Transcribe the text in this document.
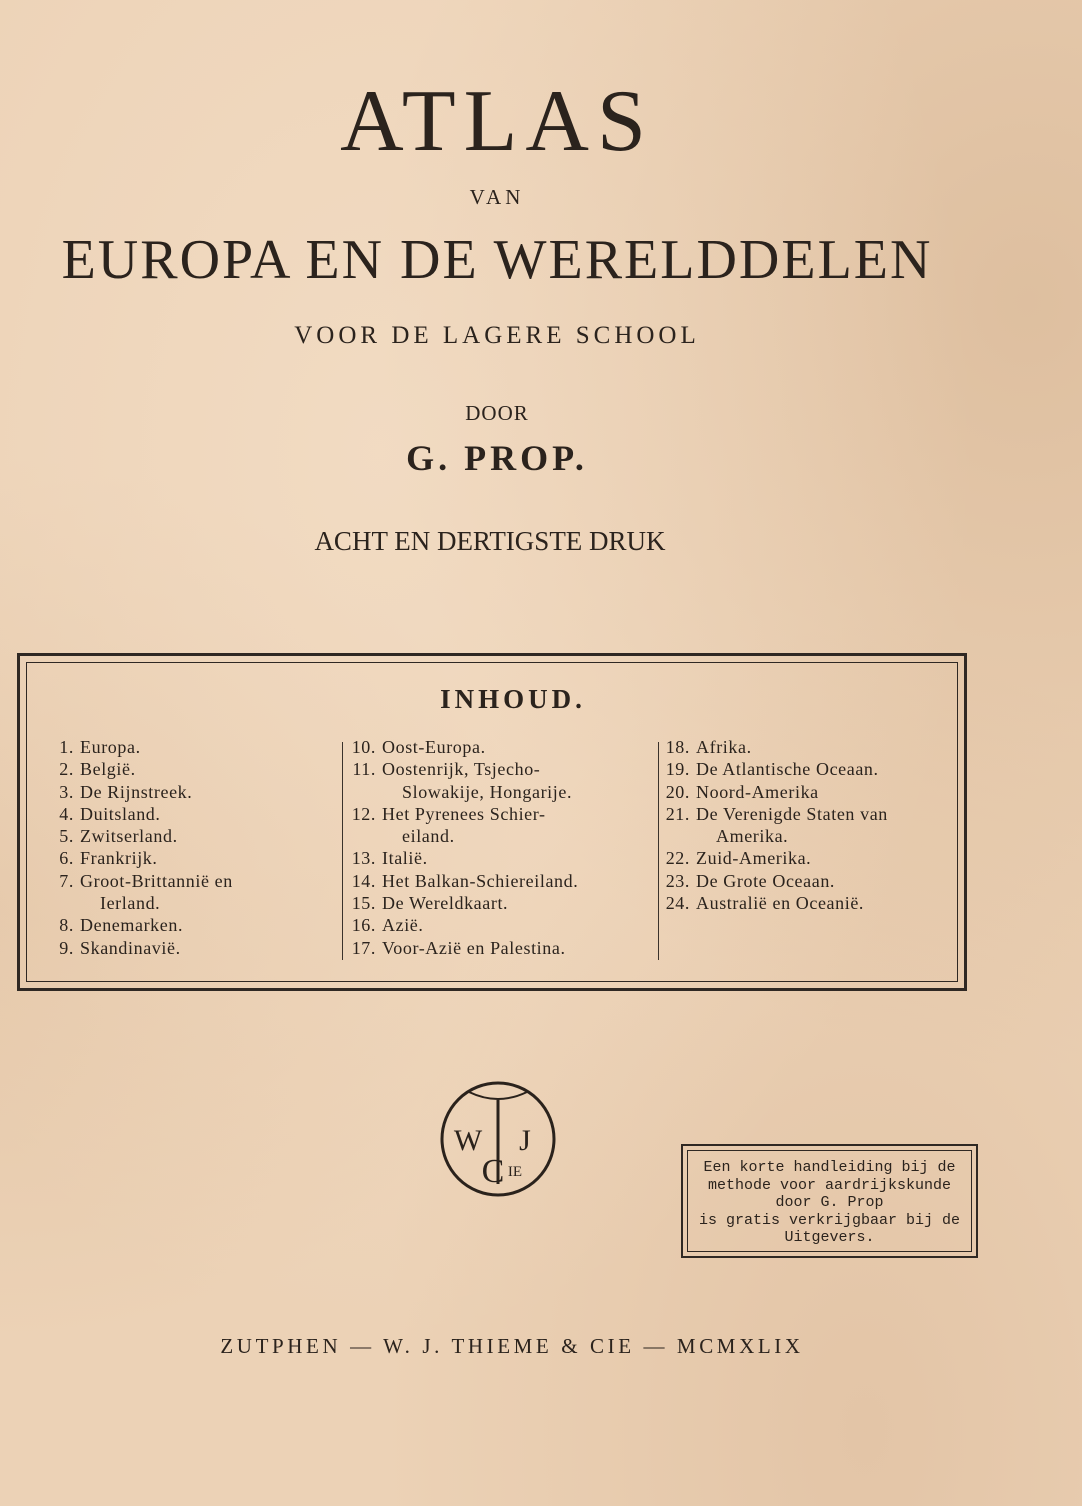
ATLAS
VAN
EUROPA EN DE WERELDDELEN
VOOR DE LAGERE SCHOOL
DOOR
G. PROP.
ACHT EN DERTIGSTE DRUK
INHOUD.
1. Europa.
2. België.
3. De Rijnstreek.
4. Duitsland.
5. Zwitserland.
6. Frankrijk.
7. Groot-Brittannië en
Ierland.
8. Denemarken.
9. Skandinavië.
10. Oost-Europa.
11. Oostenrijk, Tsjecho-
Slowakije, Hongarije.
12. Het Pyrenees Schier-
eiland.
13. Italië.
14. Het Balkan-Schiereiland.
15. De Wereldkaart.
16. Azië.
17. Voor-Azië en Palestina.
18. Afrika.
19. De Atlantische Oceaan.
20. Noord-Amerika
21. De Verenigde Staten van
Amerika.
22. Zuid-Amerika.
23. De Grote Oceaan.
24. Australië en Oceanië.
W J
C IE	Een korte handleiding bij de
methode voor aardrijkskunde
door G. Prop
is gratis verkrijgbaar bij de
Uitgevers.
ZUTPHEN — W. J. THIEME & CIE — MCMXLIX
